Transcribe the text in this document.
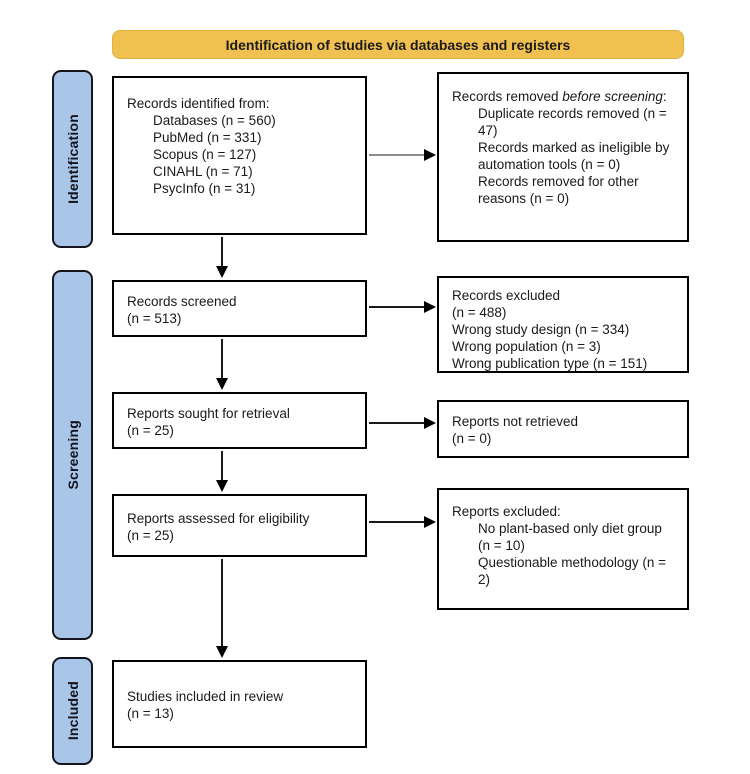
Identification of studies via databases and registers
Identification
Screening
Included
Records identified from:
Databases (n = 560)
PubMed (n = 331)
Scopus (n = 127)
CINAHL (n = 71)
PsycInfo (n = 31)
Records screened
(n = 513)
Reports sought for retrieval
(n = 25)
Reports assessed for eligibility
(n = 25)
Studies included in review
(n = 13)
Records removed before screening:
Duplicate records removed (n = 47)
Records marked as ineligible by automation tools (n = 0)
Records removed for other reasons (n = 0)
Records excluded
(n = 488)
Wrong study design (n = 334)
Wrong population (n = 3)
Wrong publication type (n = 151)
Reports not retrieved
(n = 0)
Reports excluded:
No plant-based only diet group (n = 10)
Questionable methodology (n = 2)
